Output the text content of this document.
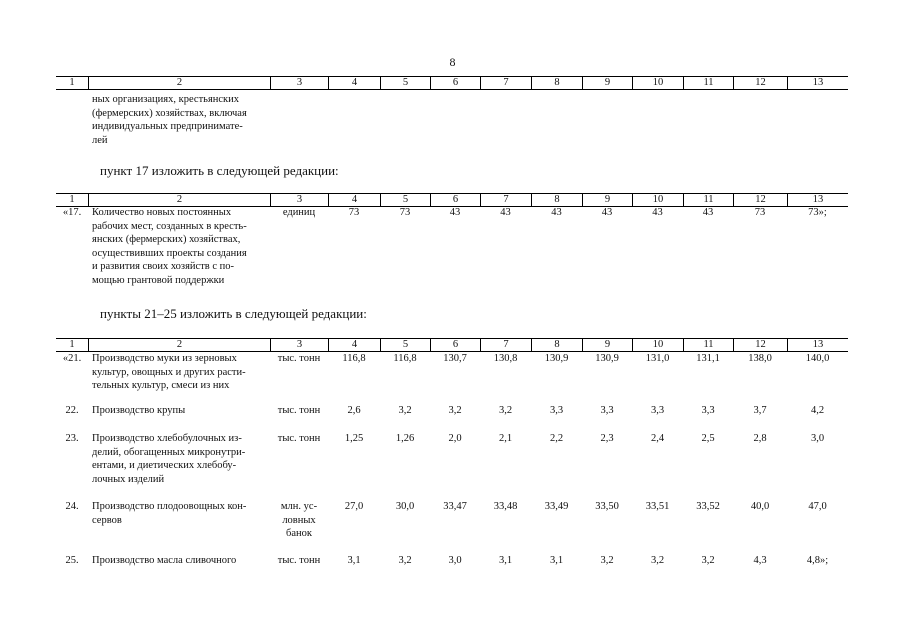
8
1	2	3	4	5	6	7	8	9	10	11	12	13
ных организациях, крестьянских
(фермерских) хозяйствах, включая
индивидуальных предпринимате-
лей
пункт 17 изложить в следующей редакции:
1	2	3	4	5	6	7	8	9	10	11	12	13
«17.	Количество новых постоянных
рабочих мест, созданных в кресть-
янских (фермерских) хозяйствах,
осуществивших проекты создания
и развития своих хозяйств с по-
мощью грантовой поддержки
единиц	73	73	43	43	43	43	43	43	73	73»;
пункты 21–25 изложить в следующей редакции:
1	2	3	4	5	6	7	8	9	10	11	12	13
«21.	Производство муки из зерновых
культур, овощных и других расти-
тельных культур, смеси из них
тыс. тонн	116,8	116,8	130,7	130,8	130,9	130,9	131,0	131,1	138,0	140,0
22.	Производство крупы	тыс. тонн	2,6	3,2	3,2	3,2	3,3	3,3	3,3	3,3	3,7	4,2
23.	Производство хлебобулочных из-
делий, обогащенных микронутри-
ентами, и диетических хлебобу-
лочных изделий
тыс. тонн	1,25	1,26	2,0	2,1	2,2	2,3	2,4	2,5	2,8	3,0
24.	Производство плодоовощных кон-
сервов
млн. ус-
ловных
банок
27,0	30,0	33,47	33,48	33,49	33,50	33,51	33,52	40,0	47,0
25.	Производство масла сливочного	тыс. тонн	3,1	3,2	3,0	3,1	3,1	3,2	3,2	3,2	4,3	4,8»;
